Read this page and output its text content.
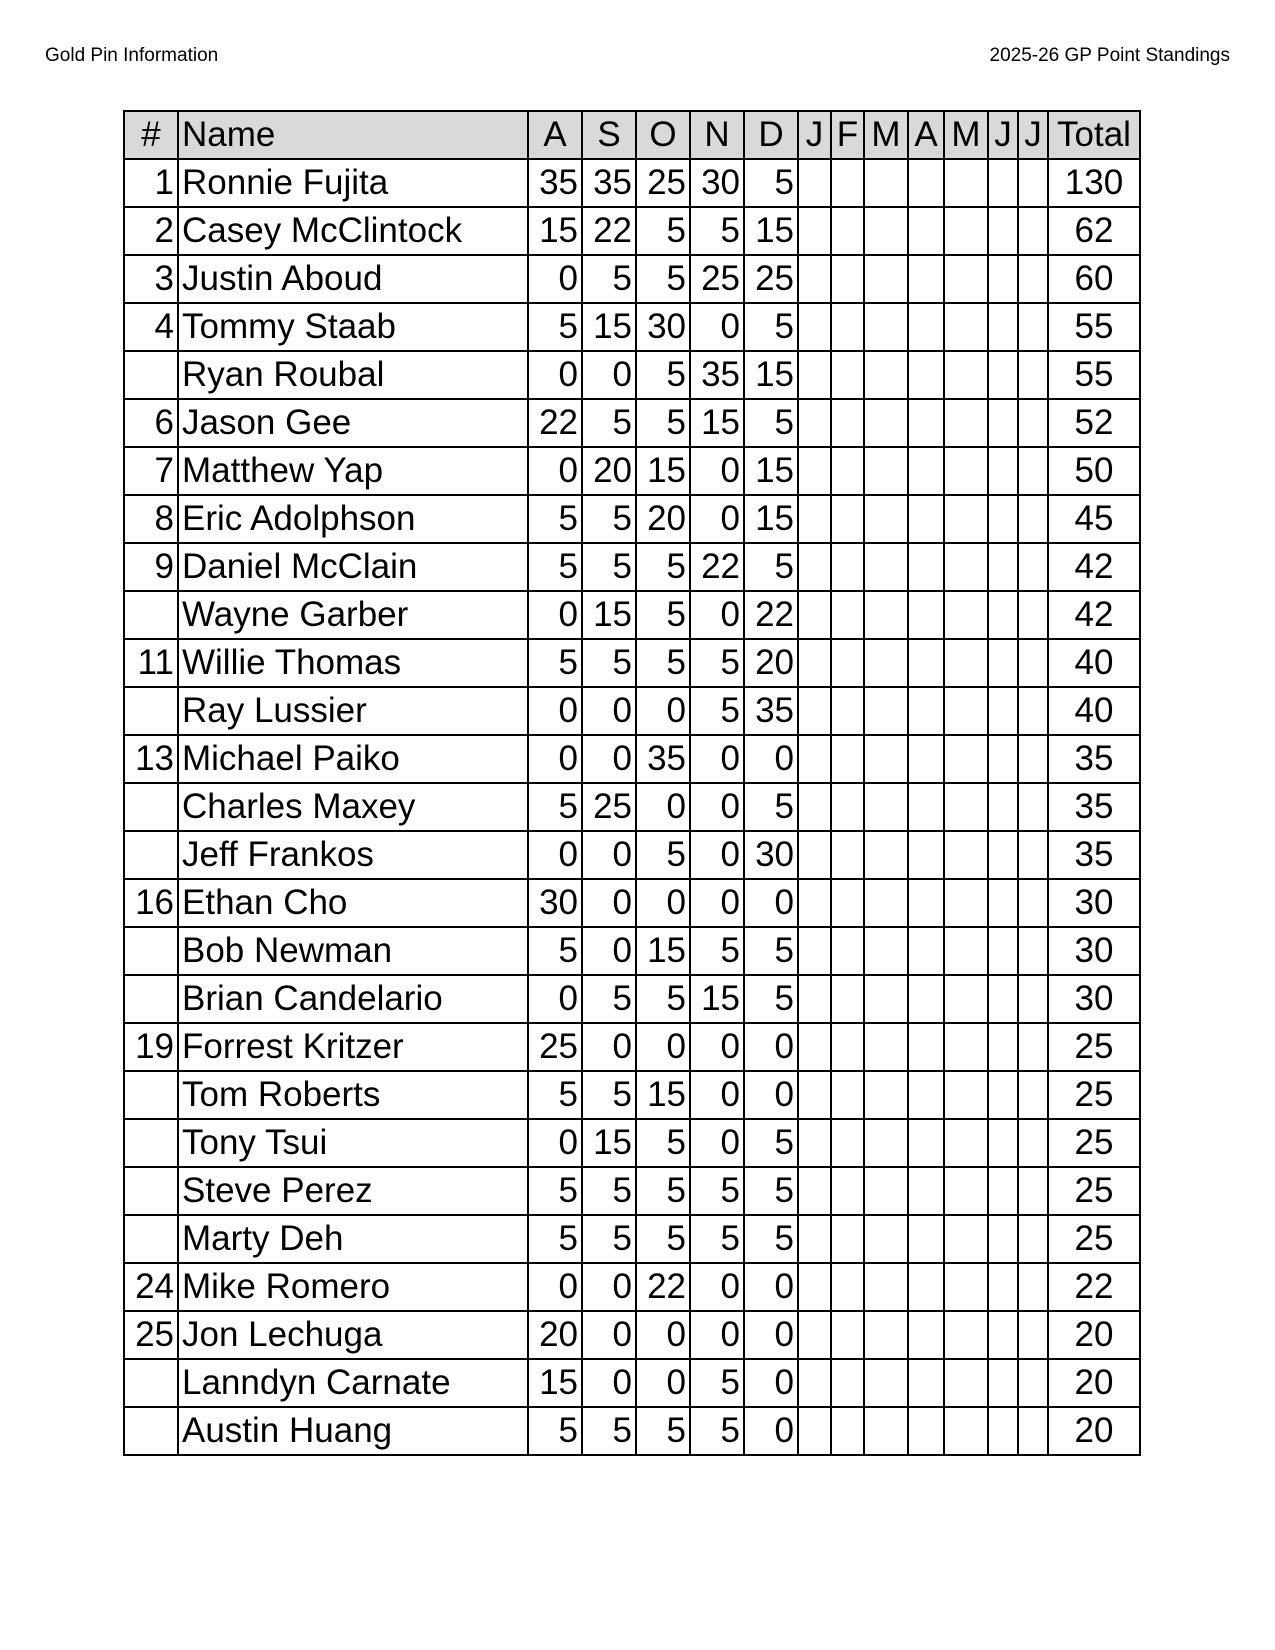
Gold Pin Information	2025-26 GP Point Standings
#	Name	A	S	O	N	D	J	F	M	A	M	J	J	Total
1	Ronnie Fujita	35	35	25	30	5								130
2	Casey McClintock	15	22	5	5	15								62
3	Justin Aboud	0	5	5	25	25								60
4	Tommy Staab	5	15	30	0	5								55
	Ryan Roubal	0	0	5	35	15								55
6	Jason Gee	22	5	5	15	5								52
7	Matthew Yap	0	20	15	0	15								50
8	Eric Adolphson	5	5	20	0	15								45
9	Daniel McClain	5	5	5	22	5								42
	Wayne Garber	0	15	5	0	22								42
11	Willie Thomas	5	5	5	5	20								40
	Ray Lussier	0	0	0	5	35								40
13	Michael Paiko	0	0	35	0	0								35
	Charles Maxey	5	25	0	0	5								35
	Jeff Frankos	0	0	5	0	30								35
16	Ethan Cho	30	0	0	0	0								30
	Bob Newman	5	0	15	5	5								30
	Brian Candelario	0	5	5	15	5								30
19	Forrest Kritzer	25	0	0	0	0								25
	Tom Roberts	5	5	15	0	0								25
	Tony Tsui	0	15	5	0	5								25
	Steve Perez	5	5	5	5	5								25
	Marty Deh	5	5	5	5	5								25
24	Mike Romero	0	0	22	0	0								22
25	Jon Lechuga	20	0	0	0	0								20
	Lanndyn Carnate	15	0	0	5	0								20
	Austin Huang	5	5	5	5	0								20
